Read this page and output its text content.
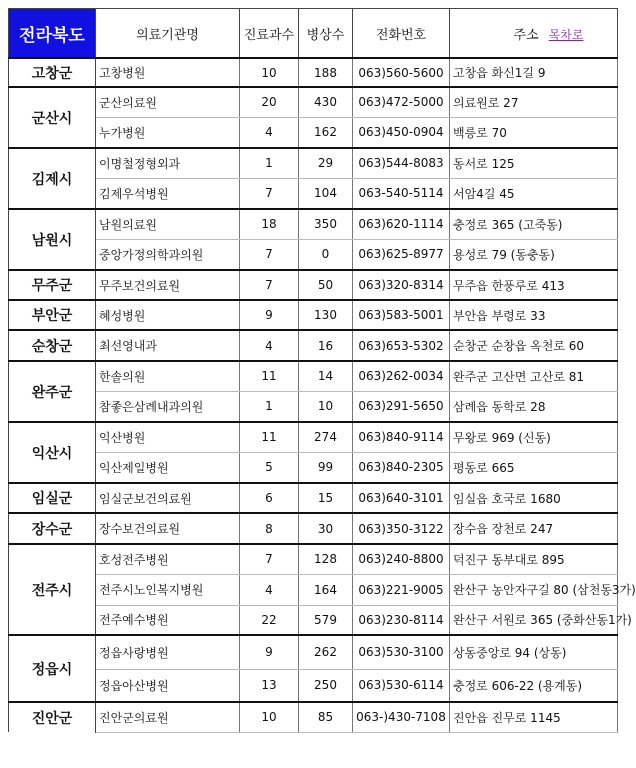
전라북도	의료기관명	진료과수	병상수	전화번호	주소 목차로
고창군	고창병원	10	188	063)560-5600	고창읍 화신1길 9
군산시	군산의료원	20	430	063)472-5000	의료원로 27
	누가병원	4	162	063)450-0904	백릉로 70
김제시	이명철정형외과	1	29	063)544-8083	동서로 125
	김제우석병원	7	104	063-540-5114	서암4길 45
남원시	남원의료원	18	350	063)620-1114	충정로 365 (고죽동)
	중앙가정의학과의원	7	0	063)625-8977	용성로 79 (동충동)
무주군	무주보건의료원	7	50	063)320-8314	무주읍 한풍루로 413
부안군	혜성병원	9	130	063)583-5001	부안읍 부령로 33
순창군	최선영내과	4	16	063)653-5302	순창군 순창읍 옥천로 60
완주군	한솔의원	11	14	063)262-0034	완주군 고산면 고산로 81
	참좋은삼례내과의원	1	10	063)291-5650	삼례읍 동학로 28
익산시	익산병원	11	274	063)840-9114	무왕로 969 (신동)
	익산제일병원	5	99	063)840-2305	평동로 665
임실군	임실군보건의료원	6	15	063)640-3101	임실읍 호국로 1680
장수군	장수보건의료원	8	30	063)350-3122	장수읍 장천로 247
전주시	호성전주병원	7	128	063)240-8800	덕진구 동부대로 895
	전주시노인복지병원	4	164	063)221-9005	완산구 농안자구길 80 (삼천동3가)
	전주예수병원	22	579	063)230-8114	완산구 서원로 365 (중화산동1가)
정읍시	정읍사랑병원	9	262	063)530-3100	상동중앙로 94 (상동)
	정읍아산병원	13	250	063)530-6114	충정로 606-22 (용계동)
진안군	진안군의료원	10	85	063-)430-7108	진안읍 진무로 1145
